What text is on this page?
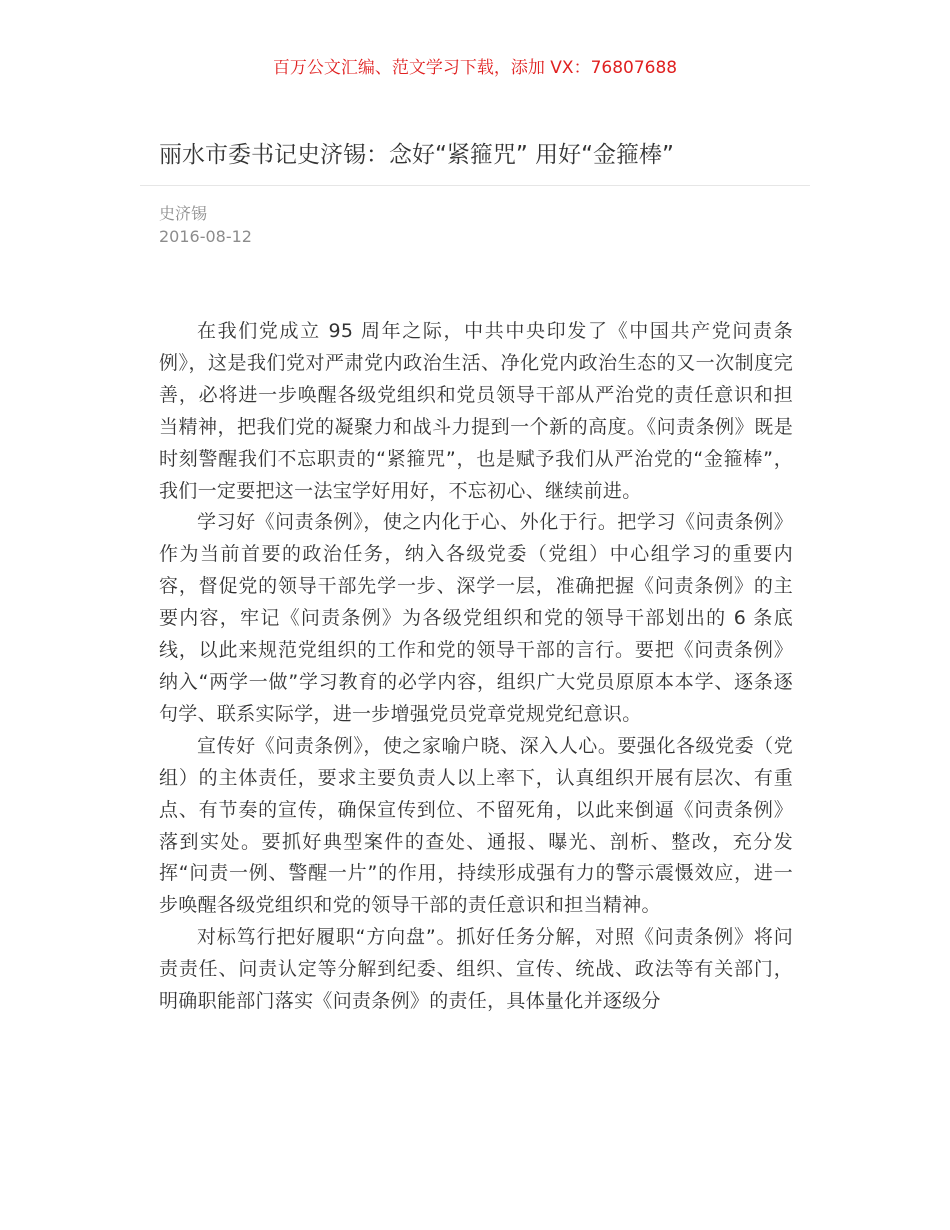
百万公文汇编、范文学习下载，添加 VX：76807688
丽水市委书记史济锡：念好“紧箍咒” 用好“金箍棒”
史济锡
2016-08-12

在我们党成立 95 周年之际，中共中央印发了《中国共产党问责条例》，这是我们党对严肃党内政治生活、净化党内政治生态的又一次制度完善，必将进一步唤醒各级党组织和党员领导干部从严治党的责任意识和担当精神，把我们党的凝聚力和战斗力提到一个新的高度。《问责条例》既是时刻警醒我们不忘职责的“紧箍咒”，也是赋予我们从严治党的“金箍棒”，我们一定要把这一法宝学好用好，不忘初心、继续前进。

学习好《问责条例》，使之内化于心、外化于行。把学习《问责条例》作为当前首要的政治任务，纳入各级党委（党组）中心组学习的重要内容，督促党的领导干部先学一步、深学一层，准确把握《问责条例》的主要内容，牢记《问责条例》为各级党组织和党的领导干部划出的 6 条底线，以此来规范党组织的工作和党的领导干部的言行。要把《问责条例》纳入“两学一做”学习教育的必学内容，组织广大党员原原本本学、逐条逐句学、联系实际学，进一步增强党员党章党规党纪意识。

宣传好《问责条例》，使之家喻户晓、深入人心。要强化各级党委（党组）的主体责任，要求主要负责人以上率下，认真组织开展有层次、有重点、有节奏的宣传，确保宣传到位、不留死角，以此来倒逼《问责条例》落到实处。要抓好典型案件的查处、通报、曝光、剖析、整改，充分发挥“问责一例、警醒一片”的作用，持续形成强有力的警示震慑效应，进一步唤醒各级党组织和党的领导干部的责任意识和担当精神。

对标笃行把好履职“方向盘”。抓好任务分解，对照《问责条例》将问责责任、问责认定等分解到纪委、组织、宣传、统战、政法等有关部门，明确职能部门落实《问责条例》的责任，具体量化并逐级分
